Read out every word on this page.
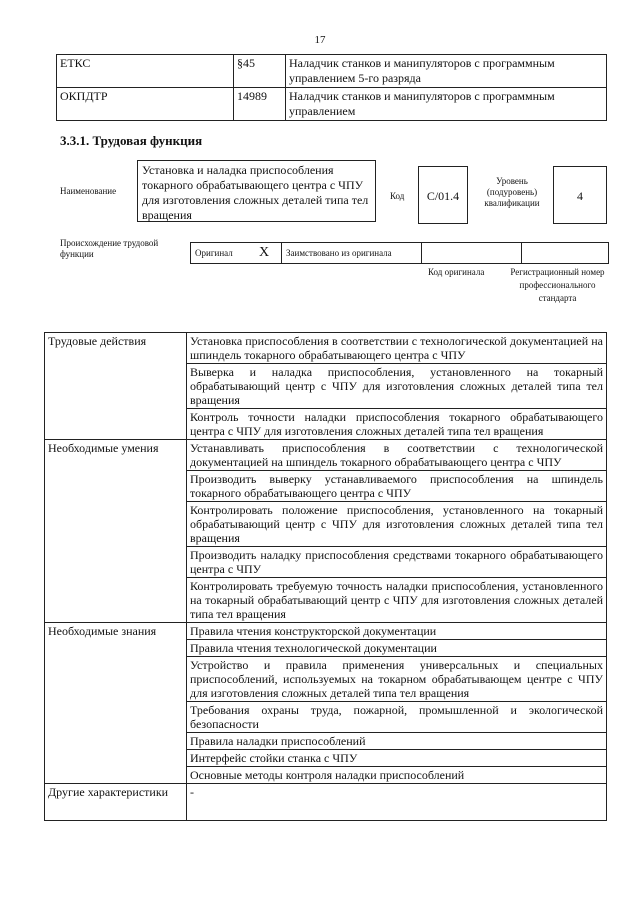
17
ЕТКС	§45	Наладчик станков и манипуляторов с программным управлением 5-го разряда
ОКПДТР	14989	Наладчик станков и манипуляторов с программным управлением
3.3.1. Трудовая функция
Наименование
Установка и наладка приспособления токарного обрабатывающего центра с ЧПУ для изготовления сложных деталей типа тел вращения
Код	C/01.4
Уровень (подуровень) квалификации	4
Происхождение трудовой функции	Оригинал	X	Заимствовано из оригинала
Код оригинала	Регистрационный номер профессионального стандарта
Трудовые действия	Установка приспособления в соответствии с технологической документацией на шпиндель токарного обрабатывающего центра с ЧПУ
	Выверка и наладка приспособления, установленного на токарный обрабатывающий центр с ЧПУ для изготовления сложных деталей типа тел вращения
	Контроль точности наладки приспособления токарного обрабатывающего центра с ЧПУ для изготовления сложных деталей типа тел вращения
Необходимые умения	Устанавливать приспособления в соответствии с технологической документацией на шпиндель токарного обрабатывающего центра с ЧПУ
	Производить выверку устанавливаемого приспособления на шпиндель токарного обрабатывающего центра с ЧПУ
	Контролировать положение приспособления, установленного на токарный обрабатывающий центр с ЧПУ для изготовления сложных деталей типа тел вращения
	Производить наладку приспособления средствами токарного обрабатывающего центра с ЧПУ
	Контролировать требуемую точность наладки приспособления, установленного на токарный обрабатывающий центр с ЧПУ для изготовления сложных деталей типа тел вращения
Необходимые знания	Правила чтения конструкторской документации
	Правила чтения технологической документации
	Устройство и правила применения универсальных и специальных приспособлений, используемых на токарном обрабатывающем центре с ЧПУ для изготовления сложных деталей типа тел вращения
	Требования охраны труда, пожарной, промышленной и экологической безопасности
	Правила наладки приспособлений
	Интерфейс стойки станка с ЧПУ
	Основные методы контроля наладки приспособлений
Другие характеристики	-
